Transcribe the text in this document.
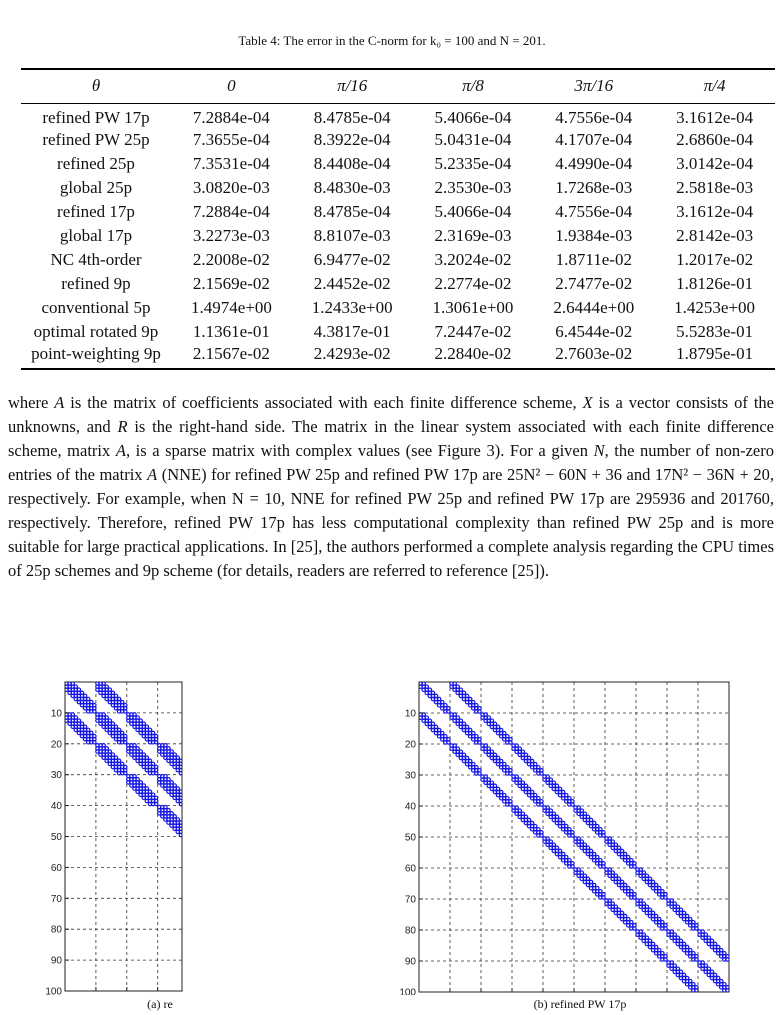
Table 4: The error in the C-norm for k₀ = 100 and N = 201.
θ	0	π/16	π/8	3π/16	π/4
refined PW 17p	7.2884e-04	8.4785e-04	5.4066e-04	4.7556e-04	3.1612e-04
refined PW 25p	7.3655e-04	8.3922e-04	5.0431e-04	4.1707e-04	2.6860e-04
refined 25p	7.3531e-04	8.4408e-04	5.2335e-04	4.4990e-04	3.0142e-04
global 25p	3.0820e-03	8.4830e-03	2.3530e-03	1.7268e-03	2.5818e-03
refined 17p	7.2884e-04	8.4785e-04	5.4066e-04	4.7556e-04	3.1612e-04
global 17p	3.2273e-03	8.8107e-03	2.3169e-03	1.9384e-03	2.8142e-03
NC 4th-order	2.2008e-02	6.9477e-02	3.2024e-02	1.8711e-02	1.2017e-02
refined 9p	2.1569e-02	2.4452e-02	2.2774e-02	2.7477e-02	1.8126e-01
conventional 5p	1.4974e+00	1.2433e+00	1.3061e+00	2.6444e+00	1.4253e+00
optimal rotated 9p	1.1361e-01	4.3817e-01	7.2447e-02	6.4544e-02	5.5283e-01
point-weighting 9p	2.1567e-02	2.4293e-02	2.2840e-02	2.7603e-02	1.8795e-01
where A is the matrix of coefficients associated with each finite difference scheme, X is a vector consists of the unknowns, and R is the right-hand side. The matrix in the linear system associated with each finite difference scheme, matrix A, is a sparse matrix with complex values (see Figure 3). For a given N, the number of non-zero entries of the matrix A (NNE) for refined PW 25p and refined PW 17p are 25N² − 60N + 36 and 17N² − 36N + 20, respectively. For example, when N = 10, NNE for refined PW 25p and refined PW 17p are 295936 and 201760, respectively. Therefore, refined PW 17p has less computational complexity than refined PW 25p and is more suitable for large practical applications. In [25], the authors performed a complete analysis regarding the CPU times of 25p schemes and 9p scheme (for details, readers are referred to reference [25]).
10
20
30
40
50
60
70
80
90
100
(a) re
10
20
30
40
50
60
70
80
90
100
(b) refined PW 17p
